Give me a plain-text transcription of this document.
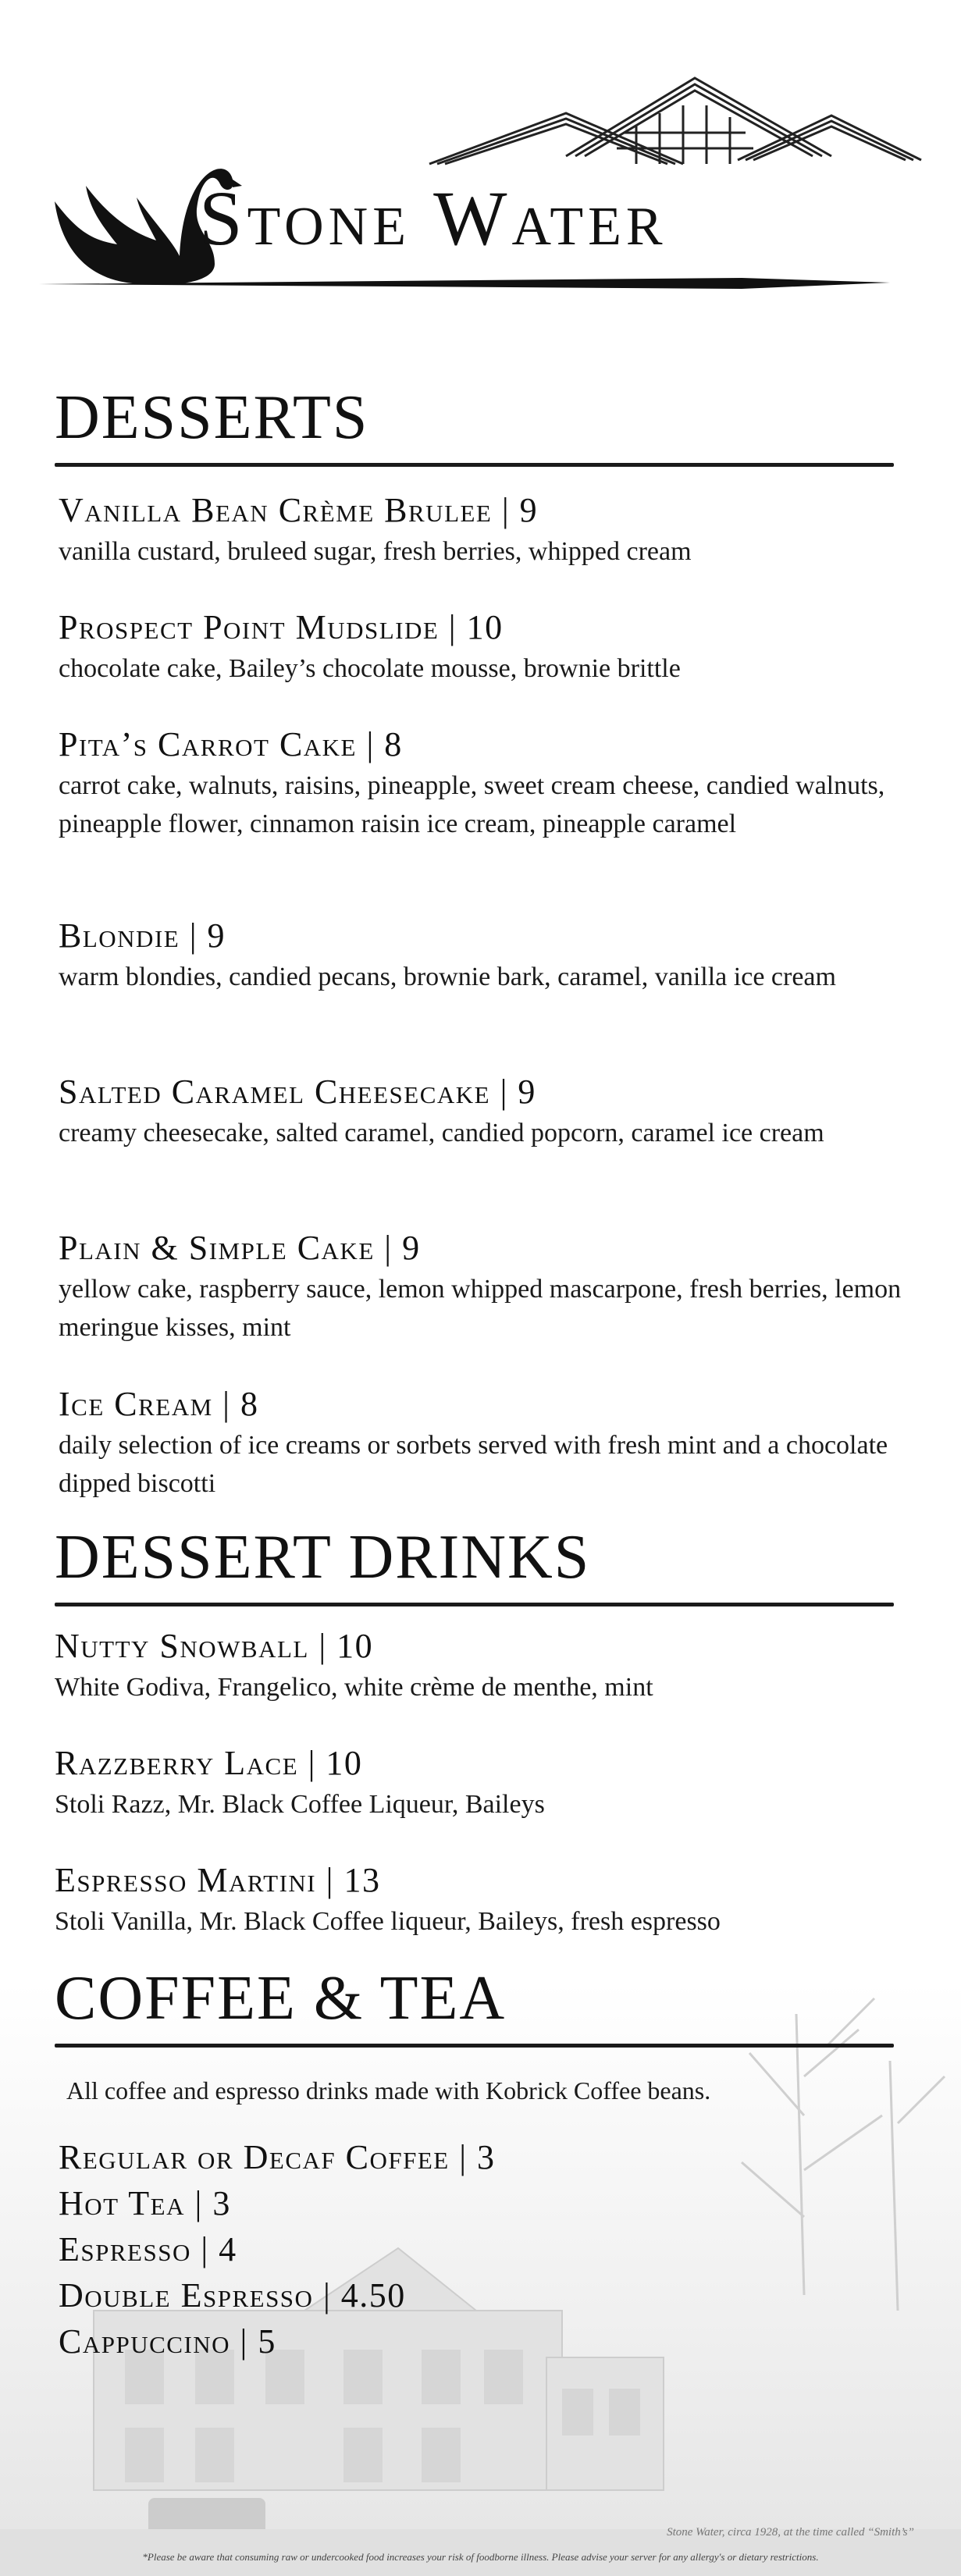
Stone Water
DESSERTS
Vanilla Bean Crème Brulee | 9
vanilla custard, bruleed sugar, fresh berries, whipped cream
Prospect Point Mudslide | 10
chocolate cake, Bailey’s chocolate mousse, brownie brittle
Pita’s Carrot Cake | 8
carrot cake, walnuts, raisins, pineapple, sweet cream cheese, candied walnuts, pineapple flower, cinnamon raisin ice cream, pineapple caramel
Blondie | 9
warm blondies, candied pecans, brownie bark, caramel, vanilla ice cream
Salted Caramel Cheesecake | 9
creamy cheesecake, salted caramel, candied popcorn, caramel ice cream
Plain & Simple Cake | 9
yellow cake, raspberry sauce, lemon whipped mascarpone, fresh berries, lemon meringue kisses, mint
Ice Cream | 8
daily selection of ice creams or sorbets served with fresh mint and a chocolate dipped biscotti
DESSERT DRINKS
Nutty Snowball | 10
White Godiva, Frangelico, white crème de menthe, mint
Razzberry Lace | 10
Stoli Razz, Mr. Black Coffee Liqueur, Baileys
Espresso Martini | 13
Stoli Vanilla, Mr. Black Coffee liqueur, Baileys, fresh espresso
COFFEE & TEA
All coffee and espresso drinks made with Kobrick Coffee beans.
Regular or Decaf Coffee | 3
Hot Tea | 3
Espresso | 4
Double Espresso | 4.50
Cappuccino | 5
Stone Water, circa 1928, at the time called “Smith’s”
*Please be aware that consuming raw or undercooked food increases your risk of foodborne illness. Please advise your server for any allergy's or dietary restrictions.
